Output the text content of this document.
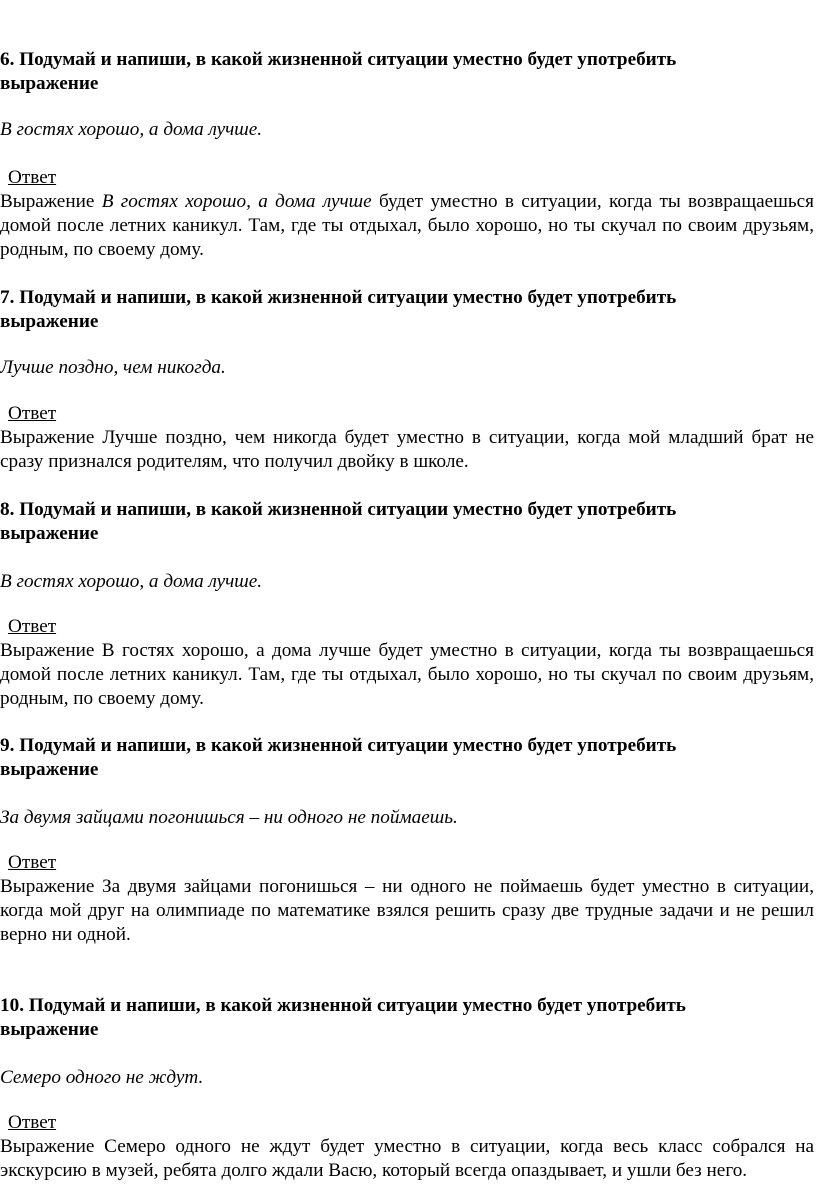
6. Подумай и напиши, в какой жизненной ситуации уместно будет употребить выражение

В гостях хорошо, а дома лучше.

Ответ

Выражение В гостях хорошо, а дома лучше будет уместно в ситуации, когда ты возвращаешься домой после летних каникул. Там, где ты отдыхал, было хорошо, но ты скучал по своим друзьям, родным, по своему дому.

7. Подумай и напиши, в какой жизненной ситуации уместно будет употребить выражение

Лучше поздно, чем никогда.

Ответ

Выражение Лучше поздно, чем никогда будет уместно в ситуации, когда мой младший брат не сразу признался родителям, что получил двойку в школе.

8. Подумай и напиши, в какой жизненной ситуации уместно будет употребить выражение

В гостях хорошо, а дома лучше.

Ответ

Выражение В гостях хорошо, а дома лучше будет уместно в ситуации, когда ты возвращаешься домой после летних каникул. Там, где ты отдыхал, было хорошо, но ты скучал по своим друзьям, родным, по своему дому.

9. Подумай и напиши, в какой жизненной ситуации уместно будет употребить выражение

За двумя зайцами погонишься – ни одного не поймаешь.

Ответ

Выражение За двумя зайцами погонишься – ни одного не поймаешь будет уместно в ситуации, когда мой друг на олимпиаде по математике взялся решить сразу две трудные задачи и не решил верно ни одной.

10. Подумай и напиши, в какой жизненной ситуации уместно будет употребить выражение

Семеро одного не ждут.

Ответ

Выражение Семеро одного не ждут будет уместно в ситуации, когда весь класс собрался на экскурсию в музей, ребята долго ждали Васю, который всегда опаздывает, и ушли без него.
